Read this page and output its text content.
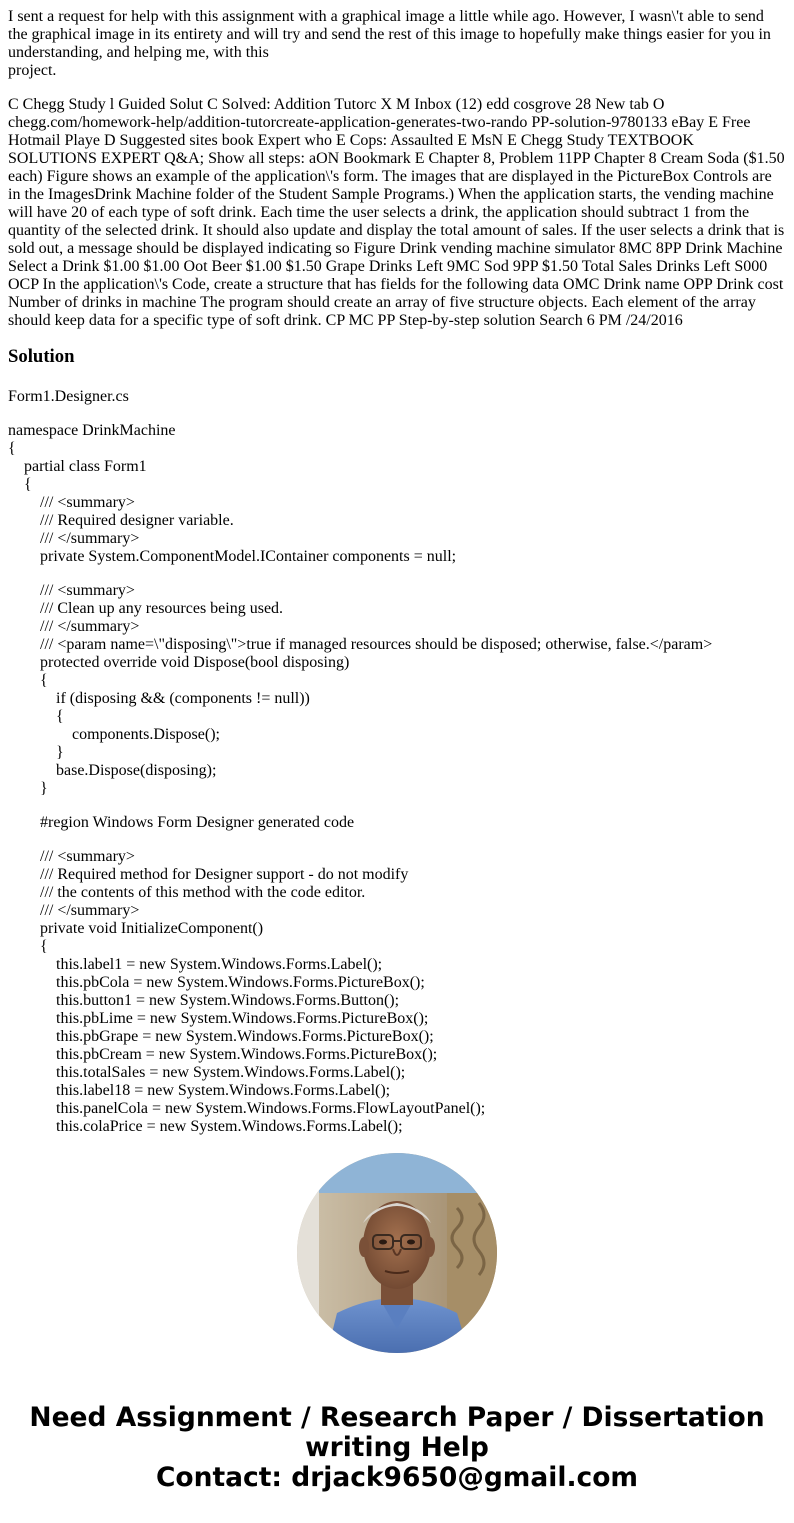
I sent a request for help with this assignment with a graphical image a little while ago. However, I wasn\'t able to send the graphical image in its entirety and will try and send the rest of this image to hopefully make things easier for you in understanding, and helping me, with this
project.

C Chegg Study l Guided Solut C Solved: Addition Tutorc X M Inbox (12) edd cosgrove 28 New tab O chegg.com/homework-help/addition-tutorcreate-application-generates-two-rando PP-solution-9780133 eBay E Free Hotmail Playe D Suggested sites book Expert who E Cops: Assaulted E MsN E Chegg Study TEXTBOOK SOLUTIONS EXPERT Q&A; Show all steps: aON Bookmark E Chapter 8, Problem 11PP Chapter 8 Cream Soda ($1.50 each) Figure shows an example of the application\'s form. The images that are displayed in the PictureBox Controls are in the ImagesDrink Machine folder of the Student Sample Programs.) When the application starts, the vending machine will have 20 of each type of soft drink. Each time the user selects a drink, the application should subtract 1 from the quantity of the selected drink. It should also update and display the total amount of sales. If the user selects a drink that is sold out, a message should be displayed indicating so Figure Drink vending machine simulator 8MC 8PP Drink Machine Select a Drink $1.00 $1.00 Oot Beer $1.00 $1.50 Grape Drinks Left 9MC Sod 9PP $1.50 Total Sales Drinks Left S000 OCP In the application\'s Code, create a structure that has fields for the following data OMC Drink name OPP Drink cost Number of drinks in machine The program should create an array of five structure objects. Each element of the array should keep data for a specific type of soft drink. CP MC PP Step-by-step solution Search 6 PM /24/2016

Solution

Form1.Designer.cs

namespace DrinkMachine
{
partial class Form1
{
/// <summary>
/// Required designer variable.
/// </summary>
private System.ComponentModel.IContainer components = null;
/// <summary>
/// Clean up any resources being used.
/// </summary>
/// <param name=\"disposing\">true if managed resources should be disposed; otherwise, false.</param>
protected override void Dispose(bool disposing)
{
if (disposing && (components != null))
{
components.Dispose();
}
base.Dispose(disposing);
}
#region Windows Form Designer generated code
/// <summary>
/// Required method for Designer support - do not modify
/// the contents of this method with the code editor.
/// </summary>
private void InitializeComponent()
{
this.label1 = new System.Windows.Forms.Label();
this.pbCola = new System.Windows.Forms.PictureBox();
this.button1 = new System.Windows.Forms.Button();
this.pbLime = new System.Windows.Forms.PictureBox();
this.pbGrape = new System.Windows.Forms.PictureBox();
this.pbCream = new System.Windows.Forms.PictureBox();
this.totalSales = new System.Windows.Forms.Label();
this.label18 = new System.Windows.Forms.Label();
this.panelCola = new System.Windows.Forms.FlowLayoutPanel();
this.colaPrice = new System.Windows.Forms.Label();
Need Assignment / Research Paper / Dissertation
writing Help
Contact: drjack9650@gmail.com
